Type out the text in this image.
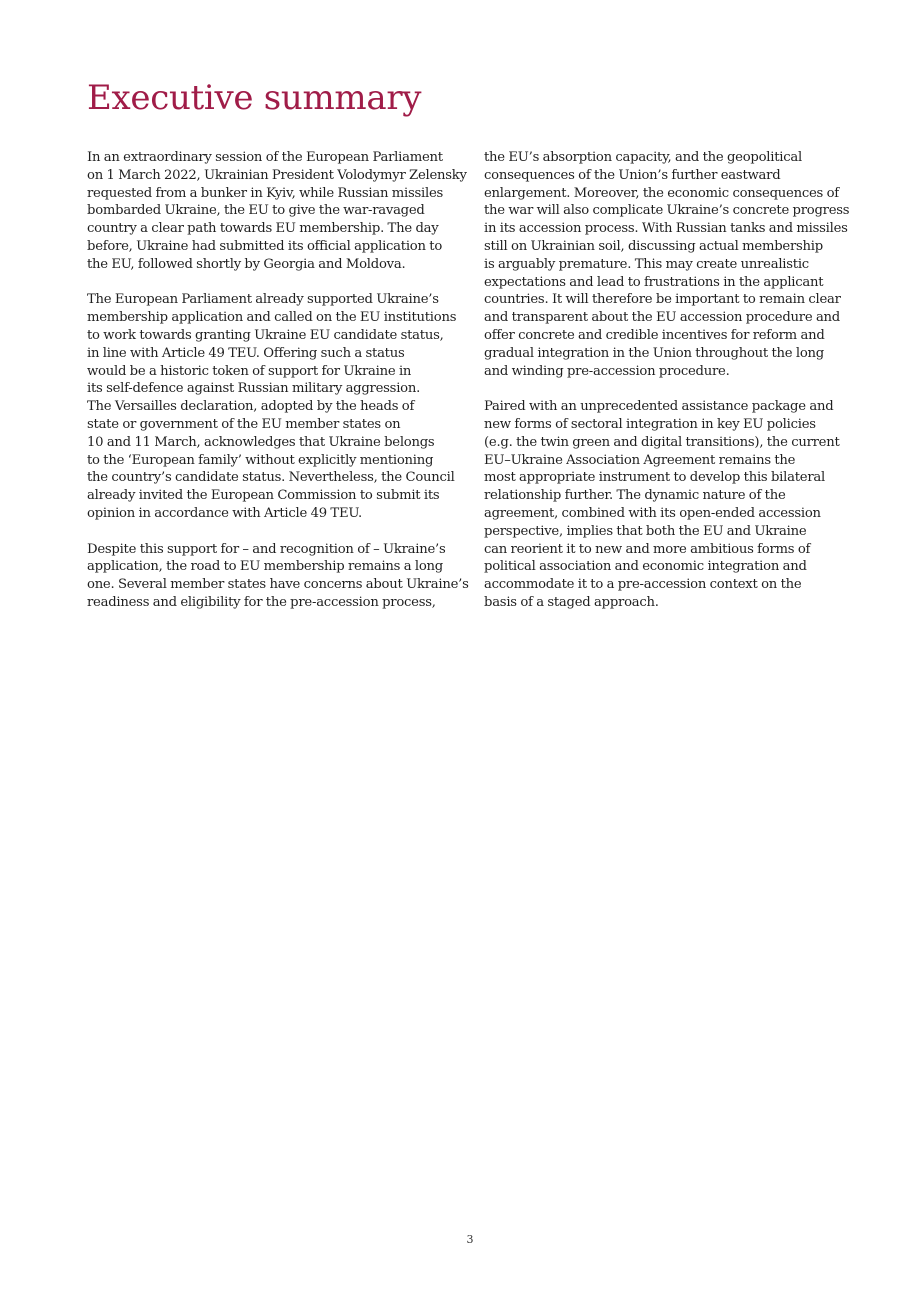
Executive summary

In an extraordinary session of the European Parliament
on 1 March 2022, Ukrainian President Volodymyr Zelensky
requested from a bunker in Kyiv, while Russian missiles
bombarded Ukraine, the EU to give the war-ravaged
country a clear path towards EU membership. The day
before, Ukraine had submitted its official application to
the EU, followed shortly by Georgia and Moldova.

The European Parliament already supported Ukraine’s
membership application and called on the EU institutions
to work towards granting Ukraine EU candidate status,
in line with Article 49 TEU. Offering such a status
would be a historic token of support for Ukraine in
its self-defence against Russian military aggression.
The Versailles declaration, adopted by the heads of
state or government of the EU member states on
10 and 11 March, acknowledges that Ukraine belongs
to the ‘European family’ without explicitly mentioning
the country’s candidate status. Nevertheless, the Council
already invited the European Commission to submit its
opinion in accordance with Article 49 TEU.

Despite this support for – and recognition of – Ukraine’s
application, the road to EU membership remains a long
one. Several member states have concerns about Ukraine’s
readiness and eligibility for the pre-accession process,

the EU’s absorption capacity, and the geopolitical
consequences of the Union’s further eastward
enlargement. Moreover, the economic consequences of
the war will also complicate Ukraine’s concrete progress
in its accession process. With Russian tanks and missiles
still on Ukrainian soil, discussing actual membership
is arguably premature. This may create unrealistic
expectations and lead to frustrations in the applicant
countries. It will therefore be important to remain clear
and transparent about the EU accession procedure and
offer concrete and credible incentives for reform and
gradual integration in the Union throughout the long
and winding pre-accession procedure.

Paired with an unprecedented assistance package and
new forms of sectoral integration in key EU policies
(e.g. the twin green and digital transitions), the current
EU–Ukraine Association Agreement remains the
most appropriate instrument to develop this bilateral
relationship further. The dynamic nature of the
agreement, combined with its open-ended accession
perspective, implies that both the EU and Ukraine
can reorient it to new and more ambitious forms of
political association and economic integration and
accommodate it to a pre-accession context on the
basis of a staged approach.

3
